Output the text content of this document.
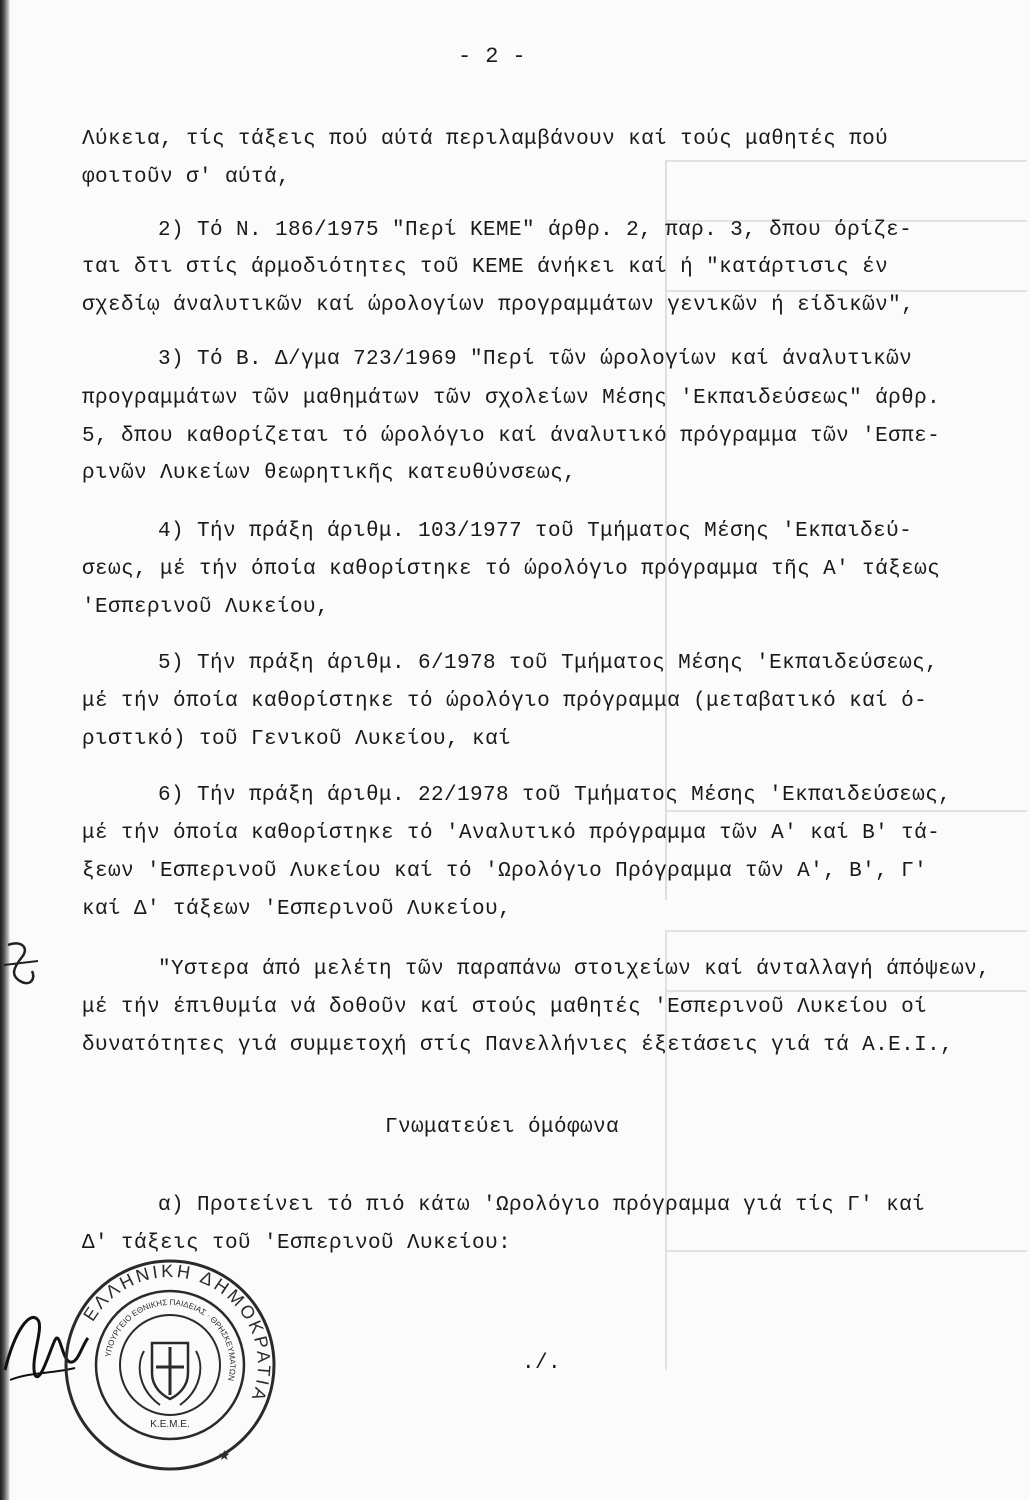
- 2 -
Λύκεια, τίς τάξεις πού αύτά περιλαμβάνουν καί τούς μαθητές πού
φοιτοῦν σ' αύτά,
2) Τό Ν. 186/1975 "Περί ΚΕΜΕ" άρθρ. 2, παρ. 3, δπου όρίζε-
ται δτι στίς άρμοδιότητες τοῦ ΚΕΜΕ άνήκει καί ή "κατάρτισις έν
σχεδίῳ άναλυτικῶν καί ώρολογίων προγραμμάτων γενικῶν ή είδικῶν",
3) Τό Β. Δ/γμα 723/1969 "Περί τῶν ώρολογίων καί άναλυτικῶν
προγραμμάτων τῶν μαθημάτων τῶν σχολείων Μέσης 'Εκπαιδεύσεως" άρθρ.
5, δπου καθορίζεται τό ώρολόγιο καί άναλυτικό πρόγραμμα τῶν 'Εσπε-
ρινῶν Λυκείων θεωρητικῆς κατευθύνσεως,
4) Τήν πράξη άριθμ. 103/1977 τοῦ Τμήματος Μέσης 'Εκπαιδεύ-
σεως, μέ τήν όποία καθορίστηκε τό ώρολόγιο πρόγραμμα τῆς Α' τάξεως
'Εσπερινοῦ Λυκείου,
5) Τήν πράξη άριθμ. 6/1978 τοῦ Τμήματος Μέσης 'Εκπαιδεύσεως,
μέ τήν όποία καθορίστηκε τό ώρολόγιο πρόγραμμα (μεταβατικό καί ό-
ριστικό) τοῦ Γενικοῦ Λυκείου, καί
6) Τήν πράξη άριθμ. 22/1978 τοῦ Τμήματος Μέσης 'Εκπαιδεύσεως,
μέ τήν όποία καθορίστηκε τό 'Αναλυτικό πρόγραμμα τῶν Α' καί Β' τά-
ξεων 'Εσπερινοῦ Λυκείου καί τό 'Ωρολόγιο Πρόγραμμα τῶν Α', Β', Γ'
καί Δ' τάξεων 'Εσπερινοῦ Λυκείου,
"Υστερα άπό μελέτη τῶν παραπάνω στοιχείων καί άνταλλαγή άπόψεων,
μέ τήν έπιθυμία νά δοθοῦν καί στούς μαθητές 'Εσπερινοῦ Λυκείου οί
δυνατότητες γιά συμμετοχή στίς Πανελλήνιες έξετάσεις γιά τά Α.Ε.Ι.,
Γνωματεύει όμόφωνα
α) Προτείνει τό πιό κάτω 'Ωρολόγιο πρόγραμμα γιά τίς Γ' καί
Δ' τάξεις τοῦ 'Εσπερινοῦ Λυκείου:
./.
ΕΛΛΗΝΙΚΗ ΔΗΜΟΚΡΑΤΙΑ
ΥΠΟΥΡΓΕΙΟ ΕΘΝΙΚΗΣ ΠΑΙΔΕΙΑΣ · ΘΡΗΣΚΕΥΜΑΤΩΝ
Κ.Ε.Μ.Ε.
★
